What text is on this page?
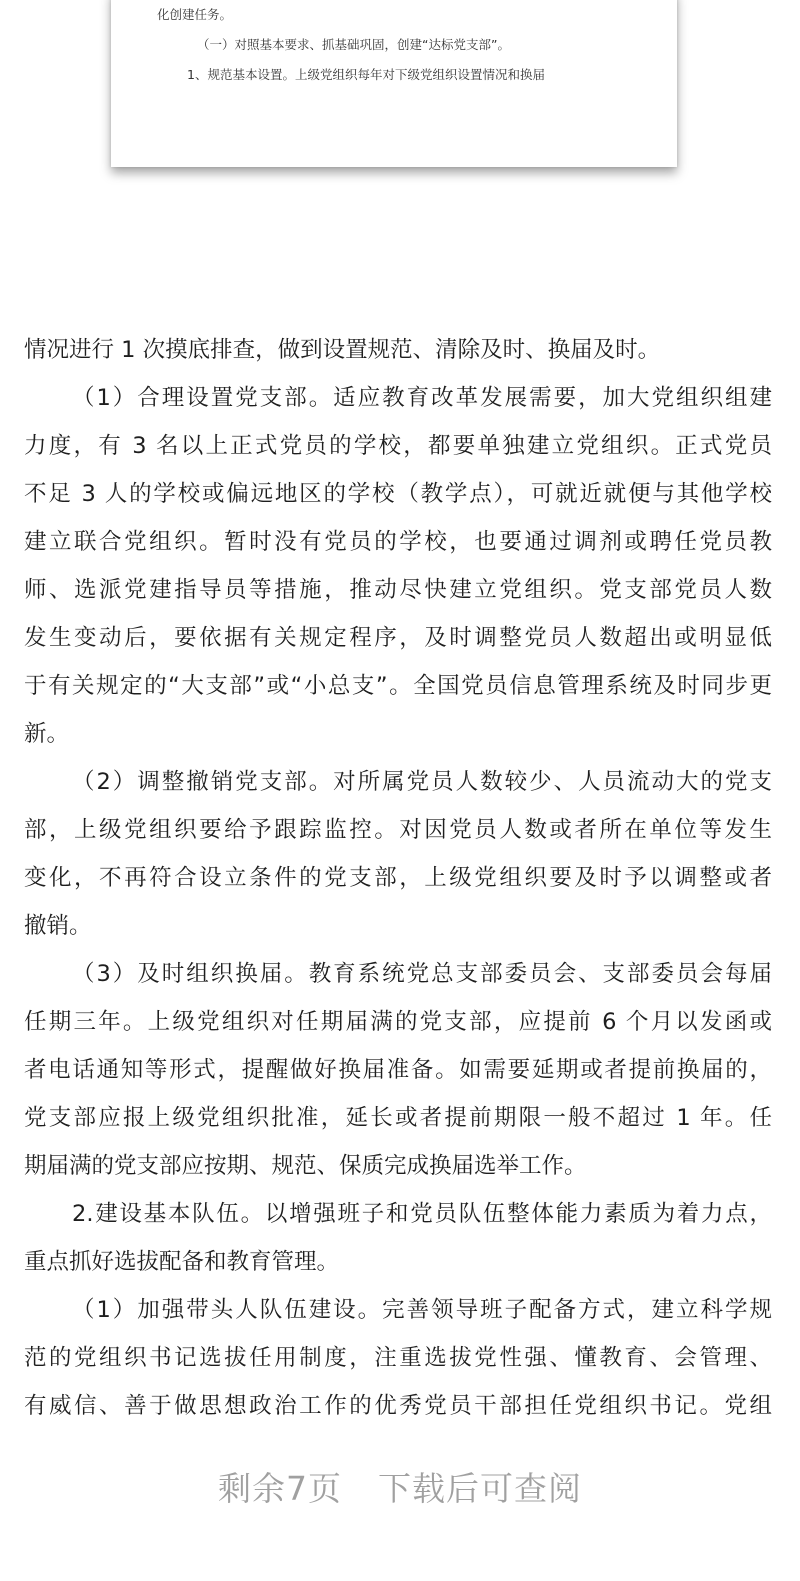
化创建任务。
（一）对照基本要求、抓基础巩固，创建“达标党支部”。
1、规范基本设置。上级党组织每年对下级党组织设置情况和换届
情况进行 1 次摸底排查，做到设置规范、清除及时、换届及时。
（1）合理设置党支部。适应教育改革发展需要，加大党组织组建
力度，有 3 名以上正式党员的学校，都要单独建立党组织。正式党员
不足 3 人的学校或偏远地区的学校（教学点），可就近就便与其他学校
建立联合党组织。暂时没有党员的学校，也要通过调剂或聘任党员教
师、选派党建指导员等措施，推动尽快建立党组织。党支部党员人数
发生变动后，要依据有关规定程序，及时调整党员人数超出或明显低
于有关规定的“大支部”或“小总支”。全国党员信息管理系统及时同步更
新。
（2）调整撤销党支部。对所属党员人数较少、人员流动大的党支
部，上级党组织要给予跟踪监控。对因党员人数或者所在单位等发生
变化，不再符合设立条件的党支部，上级党组织要及时予以调整或者
撤销。
（3）及时组织换届。教育系统党总支部委员会、支部委员会每届
任期三年。上级党组织对任期届满的党支部，应提前 6 个月以发函或
者电话通知等形式，提醒做好换届准备。如需要延期或者提前换届的，
党支部应报上级党组织批准，延长或者提前期限一般不超过 1 年。任
期届满的党支部应按期、规范、保质完成换届选举工作。
2.建设基本队伍。以增强班子和党员队伍整体能力素质为着力点，
重点抓好选拔配备和教育管理。
（1）加强带头人队伍建设。完善领导班子配备方式，建立科学规
范的党组织书记选拔任用制度，注重选拔党性强、懂教育、会管理、
有威信、善于做思想政治工作的优秀党员干部担任党组织书记。党组
剩余7页 下载后可查阅
